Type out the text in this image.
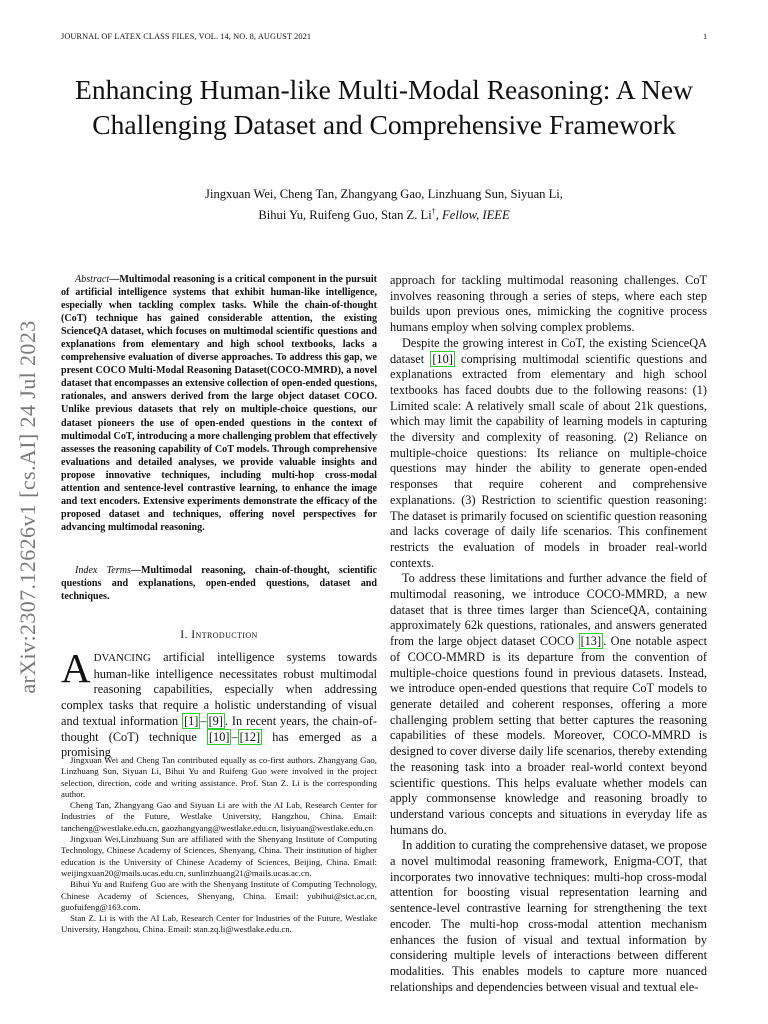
JOURNAL OF LATEX CLASS FILES, VOL. 14, NO. 8, AUGUST 2021	1
arXiv:2307.12626v1 [cs.AI] 24 Jul 2023
Enhancing Human-like Multi-Modal Reasoning: A New Challenging Dataset and Comprehensive Framework
Jingxuan Wei, Cheng Tan, Zhangyang Gao, Linzhuang Sun, Siyuan Li,
Bihui Yu, Ruifeng Guo, Stan Z. Li†, Fellow, IEEE
Abstract—Multimodal reasoning is a critical component in the pursuit of artificial intelligence systems that exhibit human-like intelligence, especially when tackling complex tasks. While the chain-of-thought (CoT) technique has gained considerable attention, the existing ScienceQA dataset, which focuses on multimodal scientific questions and explanations from elementary and high school textbooks, lacks a comprehensive evaluation of diverse approaches. To address this gap, we present COCO Multi-Modal Reasoning Dataset(COCO-MMRD), a novel dataset that encompasses an extensive collection of open-ended questions, rationales, and answers derived from the large object dataset COCO. Unlike previous datasets that rely on multiple-choice questions, our dataset pioneers the use of open-ended questions in the context of multimodal CoT, introducing a more challenging problem that effectively assesses the reasoning capability of CoT models. Through comprehensive evaluations and detailed analyses, we provide valuable insights and propose innovative techniques, including multi-hop cross-modal attention and sentence-level contrastive learning, to enhance the image and text encoders. Extensive experiments demonstrate the efficacy of the proposed dataset and techniques, offering novel perspectives for advancing multimodal reasoning.
Index Terms—Multimodal reasoning, chain-of-thought, scientific questions and explanations, open-ended questions, dataset and techniques.
I. Introduction
ADVANCING artificial intelligence systems towards human-like intelligence necessitates robust multimodal reasoning capabilities, especially when addressing complex tasks that require a holistic understanding of visual and textual information [1] – [9] . In recent years, the chain-of-thought (CoT) technique [10] – [12] has emerged as a promising

Jingxuan Wei and Cheng Tan contributed equally as co-first authors. Zhangyang Gao, Linzhuang Sun, Siyuan Li, Bihui Yu and Ruifeng Guo were involved in the project selection, direction, code and writing assistance. Prof. Stan Z. Li is the corresponding author.

Cheng Tan, Zhangyang Gao and Siyuan Li are with the AI Lab, Research Center for Industries of the Future, Westlake University, Hangzhou, China. Email: tancheng@westlake.edu.cn, gaozhangyang@westlake.edu.cn, lisiyuan@westlake.edu.cn

Jingxuan Wei,Linzhuang Sun are affiliated with the Shenyang Institute of Computing Technology, Chinese Academy of Sciences, Shenyang, China. Their institution of higher education is the University of Chinese Academy of Sciences, Beijing, China. Email: weijingxuan20@mails.ucas.edu.cn, sunlinzhuang21@mails.ucas.ac.cn.

Bihui Yu and Ruifeng Guo are with the Shenyang Institute of Computing Technology, Chinese Academy of Sciences, Shenyang, China. Email: yubihui@sict.ac.cn, guofuifeng@163.com.

Stan Z. Li is with the AI Lab, Research Center for Industries of the Future, Westlake University, Hangzhou, China. Email: stan.zq.li@westlake.edu.cn.

approach for tackling multimodal reasoning challenges. CoT involves reasoning through a series of steps, where each step builds upon previous ones, mimicking the cognitive process humans employ when solving complex problems.

Despite the growing interest in CoT, the existing ScienceQA dataset [10] comprising multimodal scientific questions and explanations extracted from elementary and high school textbooks has faced doubts due to the following reasons: (1) Limited scale: A relatively small scale of about 21k questions, which may limit the capability of learning models in capturing the diversity and complexity of reasoning. (2) Reliance on multiple-choice questions: Its reliance on multiple-choice questions may hinder the ability to generate open-ended responses that require coherent and comprehensive explanations. (3) Restriction to scientific question reasoning: The dataset is primarily focused on scientific question reasoning and lacks coverage of daily life scenarios. This confinement restricts the evaluation of models in broader real-world contexts.

To address these limitations and further advance the field of multimodal reasoning, we introduce COCO-MMRD, a new dataset that is three times larger than ScienceQA, containing approximately 62k questions, rationales, and answers generated from the large object dataset COCO [13] . One notable aspect of COCO-MMRD is its departure from the convention of multiple-choice questions found in previous datasets. Instead, we introduce open-ended questions that require CoT models to generate detailed and coherent responses, offering a more challenging problem setting that better captures the reasoning capabilities of these models. Moreover, COCO-MMRD is designed to cover diverse daily life scenarios, thereby extending the reasoning task into a broader real-world context beyond scientific questions. This helps evaluate whether models can apply commonsense knowledge and reasoning broadly to understand various concepts and situations in everyday life as humans do.

In addition to curating the comprehensive dataset, we propose a novel multimodal reasoning framework, Enigma-COT, that incorporates two innovative techniques: multi-hop cross-modal attention for boosting visual representation learning and sentence-level contrastive learning for strengthening the text encoder. The multi-hop cross-modal attention mechanism enhances the fusion of visual and textual information by considering multiple levels of interactions between different modalities. This enables models to capture more nuanced relationships and dependencies between visual and textual ele-
